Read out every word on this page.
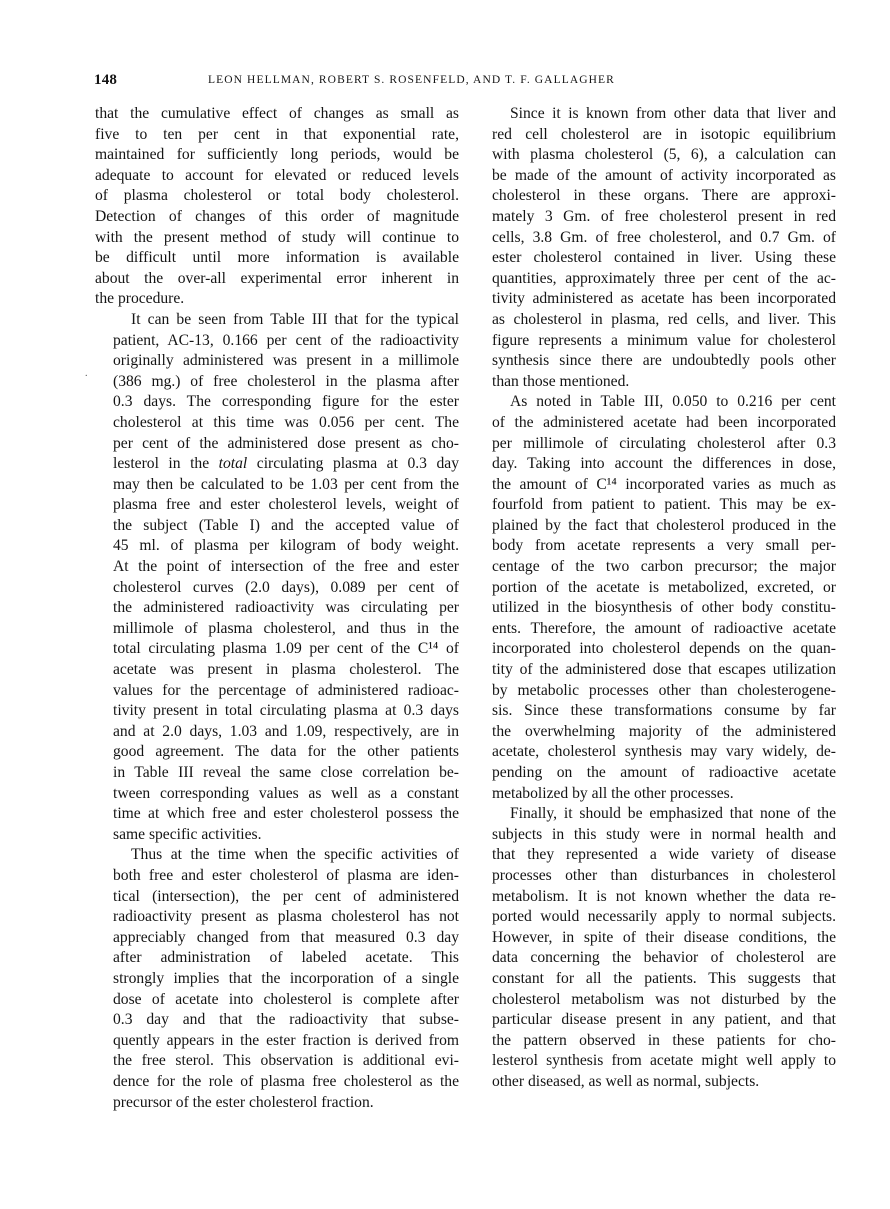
148	LEON HELLMAN, ROBERT S. ROSENFELD, AND T. F. GALLAGHER
.

that the cumulative effect of changes as small as
five to ten per cent in that exponential rate,
maintained for sufficiently long periods, would be
adequate to account for elevated or reduced levels
of plasma cholesterol or total body cholesterol.
Detection of changes of this order of magnitude
with the present method of study will continue to
be difficult until more information is available
about the over-all experimental error inherent in
the procedure.

It can be seen from Table III that for the typical
patient, AC-13, 0.166 per cent of the radioactivity
originally administered was present in a millimole
(386 mg.) of free cholesterol in the plasma after
0.3 days. The corresponding figure for the ester
cholesterol at this time was 0.056 per cent. The
per cent of the administered dose present as cho-
lesterol in the total circulating plasma at 0.3 day
may then be calculated to be 1.03 per cent from the
plasma free and ester cholesterol levels, weight of
the subject (Table I) and the accepted value of
45 ml. of plasma per kilogram of body weight.
At the point of intersection of the free and ester
cholesterol curves (2.0 days), 0.089 per cent of
the administered radioactivity was circulating per
millimole of plasma cholesterol, and thus in the
total circulating plasma 1.09 per cent of the C¹⁴ of
acetate was present in plasma cholesterol. The
values for the percentage of administered radioac-
tivity present in total circulating plasma at 0.3 days
and at 2.0 days, 1.03 and 1.09, respectively, are in
good agreement. The data for the other patients
in Table III reveal the same close correlation be-
tween corresponding values as well as a constant
time at which free and ester cholesterol possess the
same specific activities.

Thus at the time when the specific activities of
both free and ester cholesterol of plasma are iden-
tical (intersection), the per cent of administered
radioactivity present as plasma cholesterol has not
appreciably changed from that measured 0.3 day
after administration of labeled acetate. This
strongly implies that the incorporation of a single
dose of acetate into cholesterol is complete after
0.3 day and that the radioactivity that subse-
quently appears in the ester fraction is derived from
the free sterol. This observation is additional evi-
dence for the role of plasma free cholesterol as the
precursor of the ester cholesterol fraction.

Since it is known from other data that liver and
red cell cholesterol are in isotopic equilibrium
with plasma cholesterol (5, 6), a calculation can
be made of the amount of activity incorporated as
cholesterol in these organs. There are approxi-
mately 3 Gm. of free cholesterol present in red
cells, 3.8 Gm. of free cholesterol, and 0.7 Gm. of
ester cholesterol contained in liver. Using these
quantities, approximately three per cent of the ac-
tivity administered as acetate has been incorporated
as cholesterol in plasma, red cells, and liver. This
figure represents a minimum value for cholesterol
synthesis since there are undoubtedly pools other
than those mentioned.

As noted in Table III, 0.050 to 0.216 per cent
of the administered acetate had been incorporated
per millimole of circulating cholesterol after 0.3
day. Taking into account the differences in dose,
the amount of C¹⁴ incorporated varies as much as
fourfold from patient to patient. This may be ex-
plained by the fact that cholesterol produced in the
body from acetate represents a very small per-
centage of the two carbon precursor; the major
portion of the acetate is metabolized, excreted, or
utilized in the biosynthesis of other body constitu-
ents. Therefore, the amount of radioactive acetate
incorporated into cholesterol depends on the quan-
tity of the administered dose that escapes utilization
by metabolic processes other than cholesterogene-
sis. Since these transformations consume by far
the overwhelming majority of the administered
acetate, cholesterol synthesis may vary widely, de-
pending on the amount of radioactive acetate
metabolized by all the other processes.

Finally, it should be emphasized that none of the
subjects in this study were in normal health and
that they represented a wide variety of disease
processes other than disturbances in cholesterol
metabolism. It is not known whether the data re-
ported would necessarily apply to normal subjects.
However, in spite of their disease conditions, the
data concerning the behavior of cholesterol are
constant for all the patients. This suggests that
cholesterol metabolism was not disturbed by the
particular disease present in any patient, and that
the pattern observed in these patients for cho-
lesterol synthesis from acetate might well apply to
other diseased, as well as normal, subjects.
